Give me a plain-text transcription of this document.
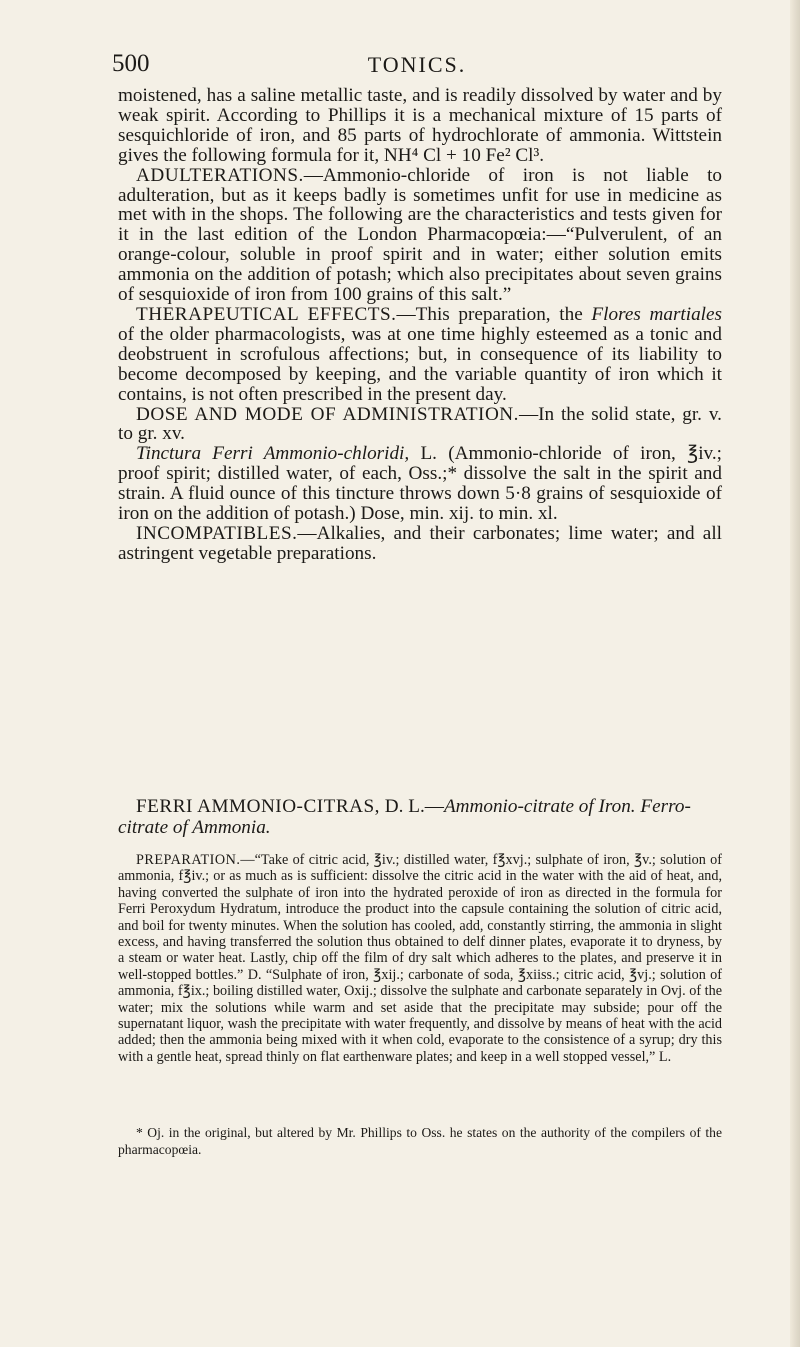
500	TONICS.

moistened, has a saline metallic taste, and is readily dissolved by water and by weak spirit. According to Phillips it is a mechanical mixture of 15 parts of sesquichloride of iron, and 85 parts of hydrochlorate of ammonia. Wittstein gives the following formula for it, NH⁴ Cl + 10 Fe² Cl³.

ADULTERATIONS.—Ammonio-chloride of iron is not liable to adulteration, but as it keeps badly is sometimes unfit for use in medicine as met with in the shops. The following are the characteristics and tests given for it in the last edition of the London Pharmacopœia:—“Pulverulent, of an orange-colour, soluble in proof spirit and in water; either solution emits ammonia on the addition of potash; which also precipitates about seven grains of sesquioxide of iron from 100 grains of this salt.”

THERAPEUTICAL EFFECTS.—This preparation, the Flores martiales of the older pharmacologists, was at one time highly esteemed as a tonic and deobstruent in scrofulous affections; but, in consequence of its liability to become decomposed by keeping, and the variable quantity of iron which it contains, is not often prescribed in the present day.

DOSE AND MODE OF ADMINISTRATION.—In the solid state, gr. v. to gr. xv.

Tinctura Ferri Ammonio-chloridi, L. (Ammonio-chloride of iron, ℥iv.; proof spirit; distilled water, of each, Oss.;* dissolve the salt in the spirit and strain. A fluid ounce of this tincture throws down 5·8 grains of sesquioxide of iron on the addition of potash.) Dose, min. xij. to min. xl.

INCOMPATIBLES.—Alkalies, and their carbonates; lime water; and all astringent vegetable preparations.

FERRI AMMONIO-CITRAS, D. L.—Ammonio-citrate of Iron. Ferro-citrate of Ammonia.

PREPARATION.—“Take of citric acid, ℥iv.; distilled water, f℥xvj.; sulphate of iron, ℥v.; solution of ammonia, f℥iv.; or as much as is sufficient: dissolve the citric acid in the water with the aid of heat, and, having converted the sulphate of iron into the hydrated peroxide of iron as directed in the formula for Ferri Peroxydum Hydratum, introduce the product into the capsule containing the solution of citric acid, and boil for twenty minutes. When the solution has cooled, add, constantly stirring, the ammonia in slight excess, and having transferred the solution thus obtained to delf dinner plates, evaporate it to dryness, by a steam or water heat. Lastly, chip off the film of dry salt which adheres to the plates, and preserve it in well-stopped bottles.” D. “Sulphate of iron, ℥xij.; carbonate of soda, ℥xiiss.; citric acid, ℥vj.; solution of ammonia, f℥ix.; boiling distilled water, Oxij.; dissolve the sulphate and carbonate separately in Ovj. of the water; mix the solutions while warm and set aside that the precipitate may subside; pour off the supernatant liquor, wash the precipitate with water frequently, and dissolve by means of heat with the acid added; then the ammonia being mixed with it when cold, evaporate to the consistence of a syrup; dry this with a gentle heat, spread thinly on flat earthenware plates; and keep in a well stopped vessel,” L.

* Oj. in the original, but altered by Mr. Phillips to Oss. he states on the authority of the compilers of the pharmacopœia.
